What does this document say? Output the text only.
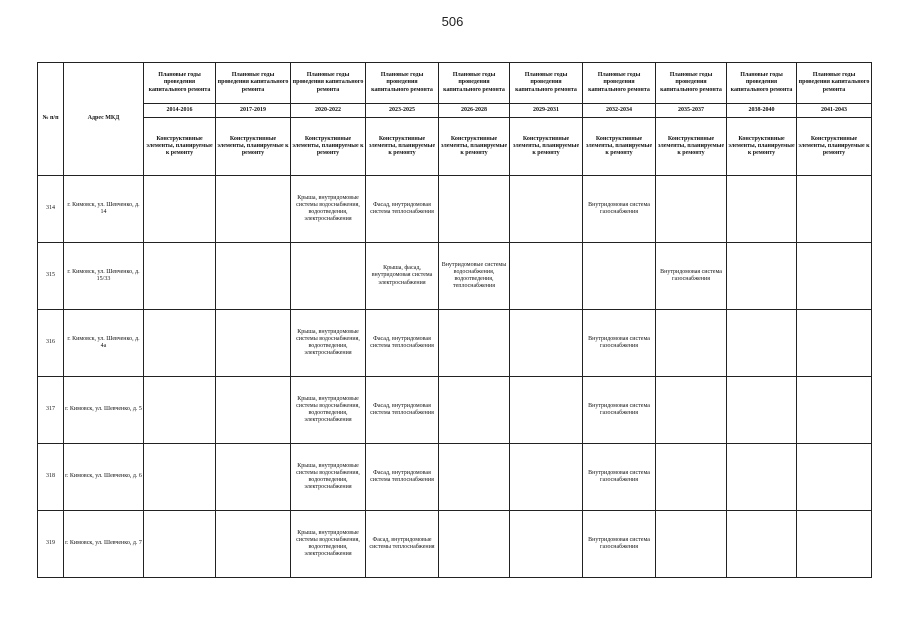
506
№ п/п	Адрес МКД	Плановые годы проведения капитального ремонта	Плановые годы проведения капитального ремонта	Плановые годы проведения капитального ремонта	Плановые годы проведения капитального ремонта	Плановые годы проведения капитального ремонта	Плановые годы проведения капитального ремонта	Плановые годы проведения капитального ремонта	Плановые годы проведения капитального ремонта	Плановые годы проведения капитального ремонта	Плановые годы проведения капитального ремонта
		2014-2016	2017-2019	2020-2022	2023-2025	2026-2028	2029-2031	2032-2034	2035-2037	2038-2040	2041-2043
		Конструктивные элементы, планируемые к ремонту	Конструктивные элементы, планируемые к ремонту	Конструктивные элементы, планируемые к ремонту	Конструктивные элементы, планируемые к ремонту	Конструктивные элементы, планируемые к ремонту	Конструктивные элементы, планируемые к ремонту	Конструктивные элементы, планируемые к ремонту	Конструктивные элементы, планируемые к ремонту	Конструктивные элементы, планируемые к ремонту	Конструктивные элементы, планируемые к ремонту
314	г. Кимовск, ул. Шевченко, д. 14			Крыша, внутридомовые системы водоснабжения, водоотведения, электроснабжения	Фасад, внутридомовая система теплоснабжения			Внутридомовая система газоснабжения			
315	г. Кимовск, ул. Шевченко, д. 15/33				Крыша, фасад, внутридомовая система электроснабжения	Внутридомовые системы водоснабжения, водоотведения, теплоснабжения			Внутридомовая система газоснабжения		
316	г. Кимовск, ул. Шевченко, д. 4а			Крыша, внутридомовые системы водоснабжения, водоотведения, электроснабжения	Фасад, внутридомовая система теплоснабжения			Внутридомовая система газоснабжения			
317	г. Кимовск, ул. Шевченко, д. 5			Крыша, внутридомовые системы водоснабжения, водоотведения, электроснабжения	Фасад, внутридомовая система теплоснабжения			Внутридомовая система газоснабжения			
318	г. Кимовск, ул. Шевченко, д. 6			Крыша, внутридомовые системы водоснабжения, водоотведения, электроснабжения	Фасад, внутридомовая система теплоснабжения			Внутридомовая система газоснабжения			
319	г. Кимовск, ул. Шевченко, д. 7			Крыша, внутридомовые системы водоснабжения, водоотведения, электроснабжения	Фасад, внутридомовые системы теплоснабжения			Внутридомовая система газоснабжения			
